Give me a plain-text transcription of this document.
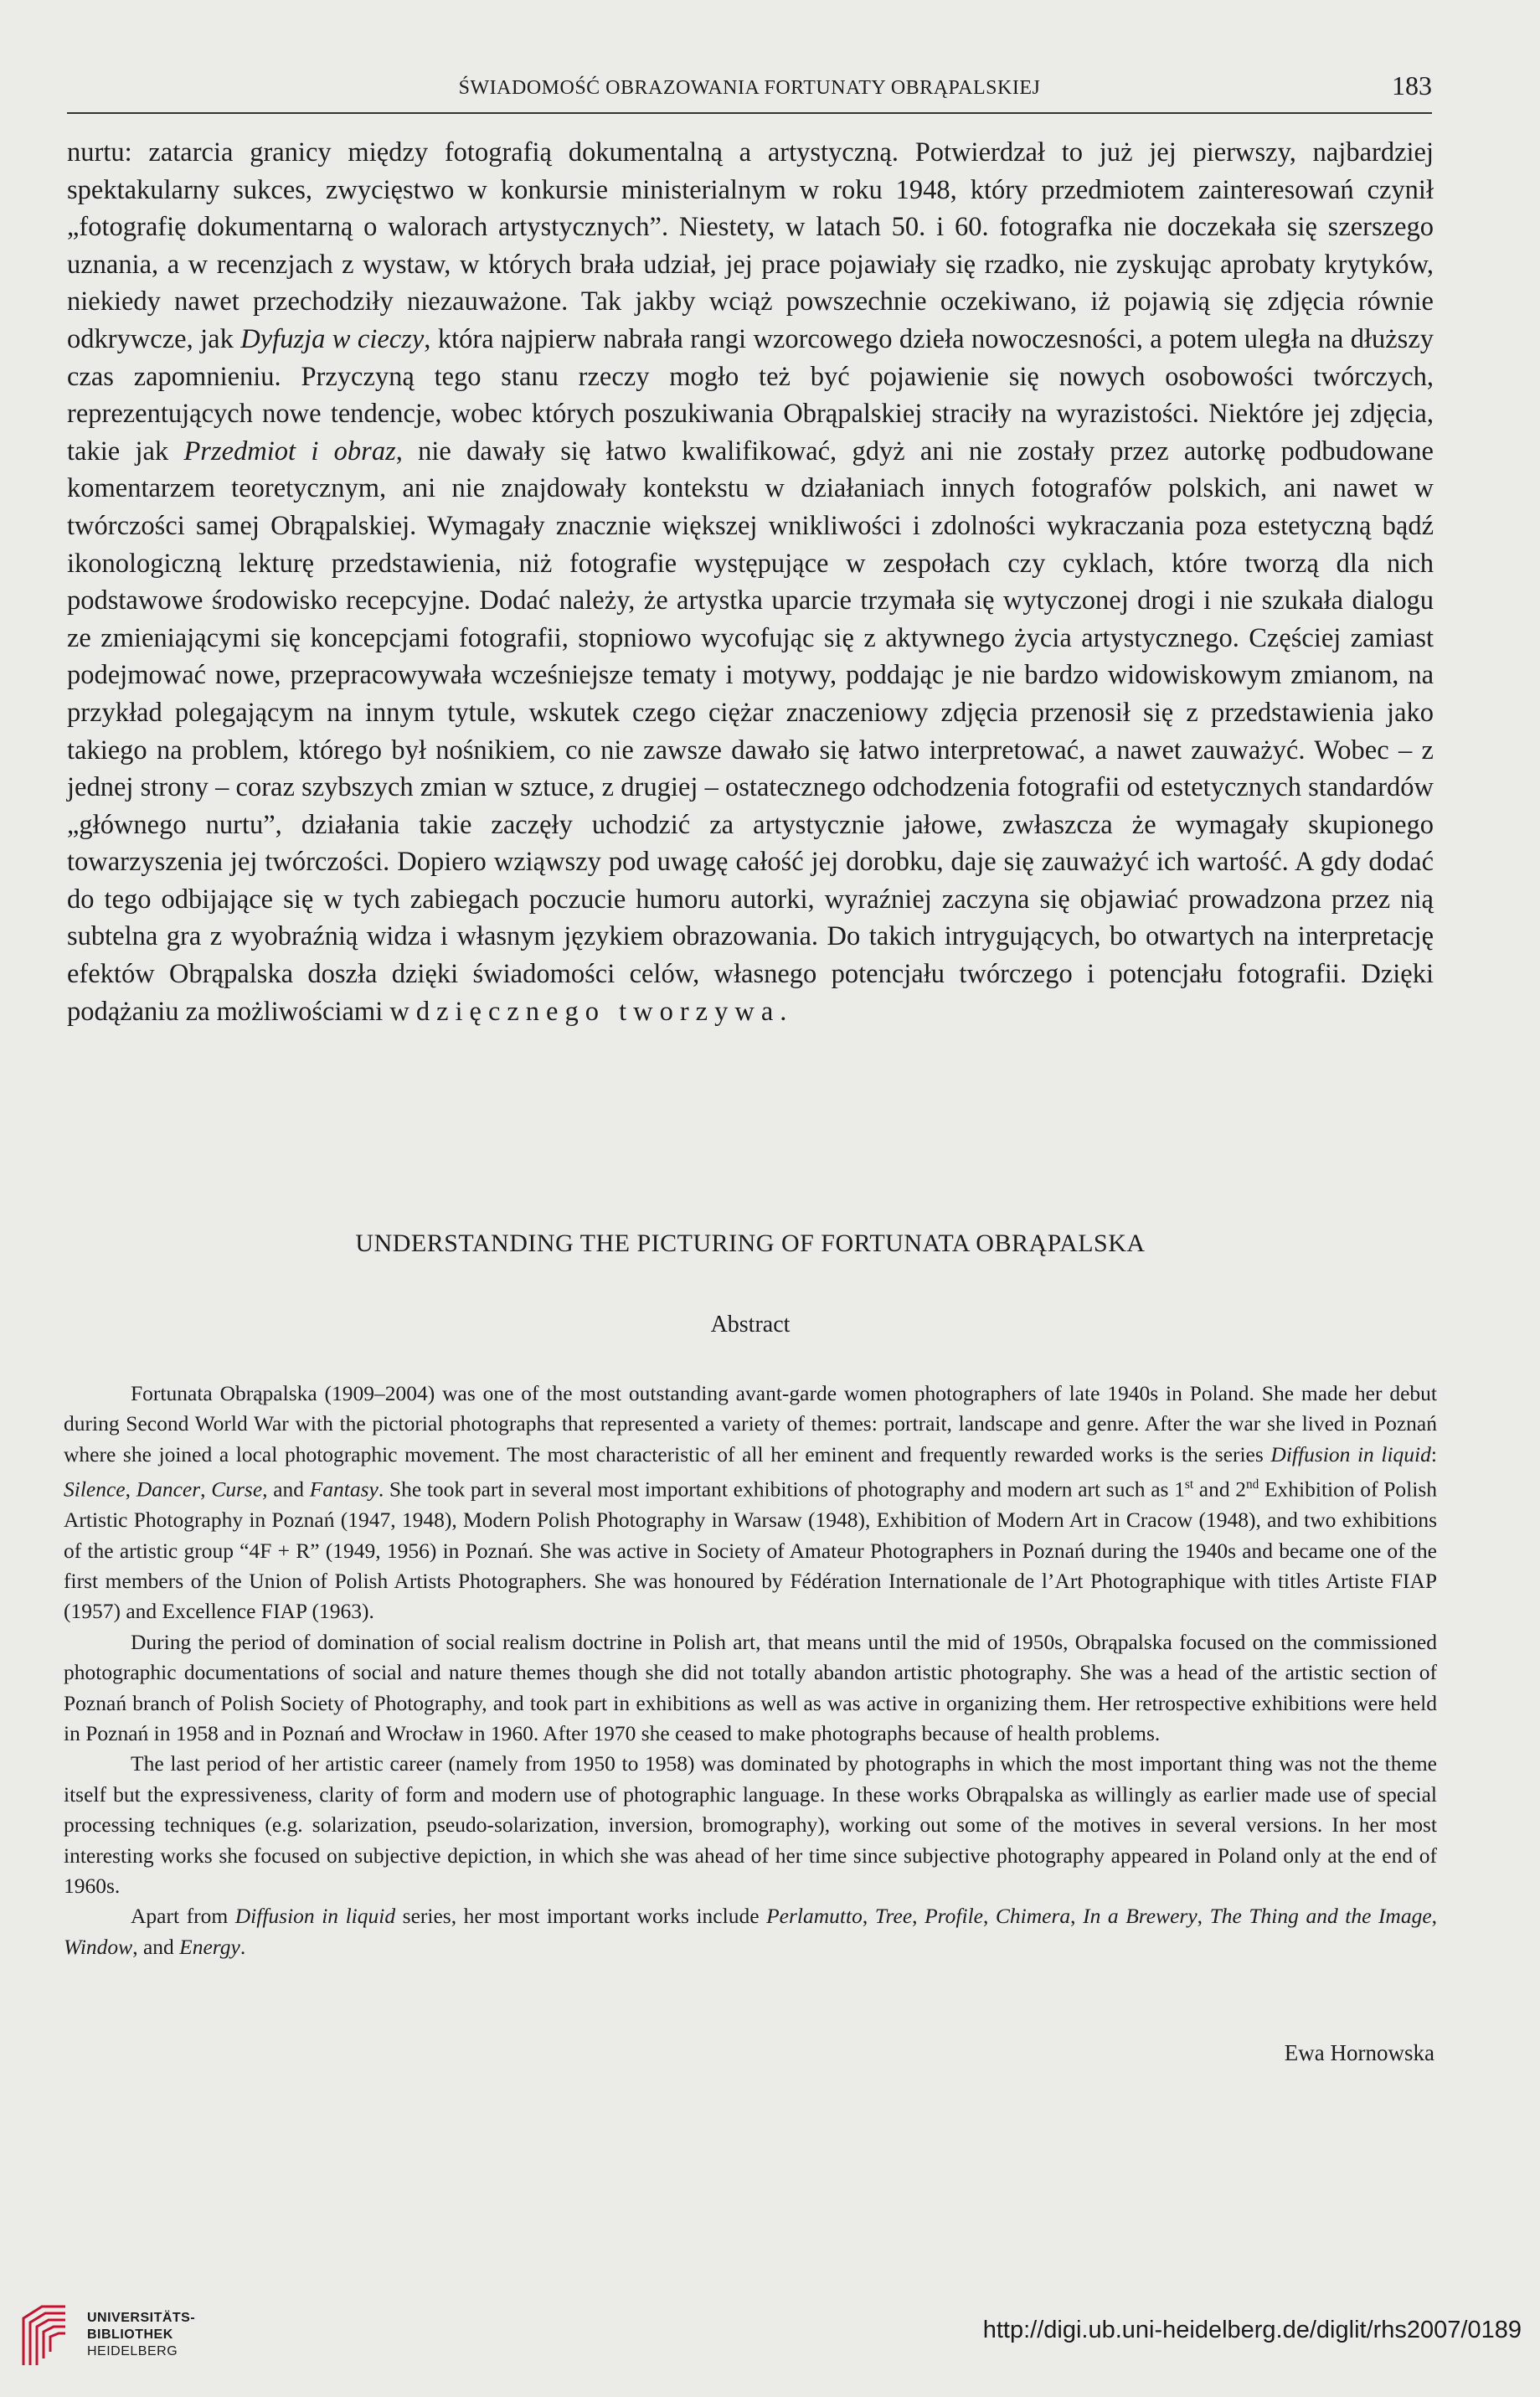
ŚWIADOMOŚĆ OBRAZOWANIA FORTUNATY OBRĄPALSKIEJ	183

nurtu: zatarcia granicy między fotografią dokumentalną a artystyczną. Potwierdzał to już jej pierwszy, najbardziej spektakularny sukces, zwycięstwo w konkursie ministerialnym w roku 1948, który przedmiotem zainteresowań czynił „fotografię dokumentarną o walorach artystycznych”. Niestety, w latach 50. i 60. fotografka nie doczekała się szerszego uznania, a w recenzjach z wystaw, w których brała udział, jej prace pojawiały się rzadko, nie zyskując aprobaty krytyków, niekiedy nawet przechodziły niezauważone. Tak jakby wciąż powszechnie oczekiwano, iż pojawią się zdjęcia równie odkrywcze, jak Dyfuzja w cieczy, która najpierw nabrała rangi wzorcowego dzieła nowoczesności, a potem uległa na dłuższy czas zapomnieniu. Przyczyną tego stanu rzeczy mogło też być pojawienie się nowych osobowości twórczych, reprezentujących nowe tendencje, wobec których poszukiwania Obrąpalskiej straciły na wyrazistości. Niektóre jej zdjęcia, takie jak Przedmiot i obraz, nie dawały się łatwo kwalifikować, gdyż ani nie zostały przez autorkę podbudowane komentarzem teoretycznym, ani nie znajdowały kontekstu w działaniach innych fotografów polskich, ani nawet w twórczości samej Obrąpalskiej. Wymagały znacznie większej wnikliwości i zdolności wykraczania poza estetyczną bądź ikonologiczną lekturę przedstawienia, niż fotografie występujące w zespołach czy cyklach, które tworzą dla nich podstawowe środowisko recepcyjne. Dodać należy, że artystka uparcie trzymała się wytyczonej drogi i nie szukała dialogu ze zmieniającymi się koncepcjami fotografii, stopniowo wycofując się z aktywnego życia artystycznego. Częściej zamiast podejmować nowe, przepracowywała wcześniejsze tematy i motywy, poddając je nie bardzo widowiskowym zmianom, na przykład polegającym na innym tytule, wskutek czego ciężar znaczeniowy zdjęcia przenosił się z przedstawienia jako takiego na problem, którego był nośnikiem, co nie zawsze dawało się łatwo interpretować, a nawet zauważyć. Wobec – z jednej strony – coraz szybszych zmian w sztuce, z drugiej – ostatecznego odchodzenia fotografii od estetycznych standardów „głównego nurtu”, działania takie zaczęły uchodzić za artystycznie jałowe, zwłaszcza że wymagały skupionego towarzyszenia jej twórczości. Dopiero wziąwszy pod uwagę całość jej dorobku, daje się zauważyć ich wartość. A gdy dodać do tego odbijające się w tych zabiegach poczucie humoru autorki, wyraźniej zaczyna się objawiać prowadzona przez nią subtelna gra z wyobraźnią widza i własnym językiem obrazowania. Do takich intrygujących, bo otwartych na interpretację efektów Obrąpalska doszła dzięki świadomości celów, własnego potencjału twórczego i potencjału fotografii. Dzięki podążaniu za możliwościami wdzięcznego tworzywa.

UNDERSTANDING THE PICTURING OF FORTUNATA OBRĄPALSKA
Abstract

Fortunata Obrąpalska (1909–2004) was one of the most outstanding avant-garde women photographers of late 1940s in Poland. She made her debut during Second World War with the pictorial photographs that represented a variety of themes: portrait, landscape and genre. After the war she lived in Poznań where she joined a local photographic movement. The most characteristic of all her eminent and frequently rewarded works is the series Diffusion in liquid: Silence, Dancer, Curse, and Fantasy. She took part in several most important exhibitions of photography and modern art such as 1st and 2nd Exhibition of Polish Artistic Photography in Poznań (1947, 1948), Modern Polish Photography in Warsaw (1948), Exhibition of Modern Art in Cracow (1948), and two exhibitions of the artistic group “4F + R” (1949, 1956) in Poznań. She was active in Society of Amateur Photographers in Poznań during the 1940s and became one of the first members of the Union of Polish Artists Photographers. She was honoured by Fédération Internationale de l’Art Photographique with titles Artiste FIAP (1957) and Excellence FIAP (1963).

During the period of domination of social realism doctrine in Polish art, that means until the mid of 1950s, Obrąpalska focused on the commissioned photographic documentations of social and nature themes though she did not totally abandon artistic photography. She was a head of the artistic section of Poznań branch of Polish Society of Photography, and took part in exhibitions as well as was active in organizing them. Her retrospective exhibitions were held in Poznań in 1958 and in Poznań and Wrocław in 1960. After 1970 she ceased to make photographs because of health problems.

The last period of her artistic career (namely from 1950 to 1958) was dominated by photographs in which the most important thing was not the theme itself but the expressiveness, clarity of form and modern use of photographic language. In these works Obrąpalska as willingly as earlier made use of special processing techniques (e.g. solarization, pseudo-solarization, inversion, bromography), working out some of the motives in several versions. In her most interesting works she focused on subjective depiction, in which she was ahead of her time since subjective photography appeared in Poland only at the end of 1960s.

Apart from Diffusion in liquid series, her most important works include Perlamutto, Tree, Profile, Chimera, In a Brewery, The Thing and the Image, Window, and Energy.

Ewa Hornowska
UNIVERSITÄTS-
BIBLIOTHEK
HEIDELBERG
http://digi.ub.uni-heidelberg.de/diglit/rhs2007/0189
